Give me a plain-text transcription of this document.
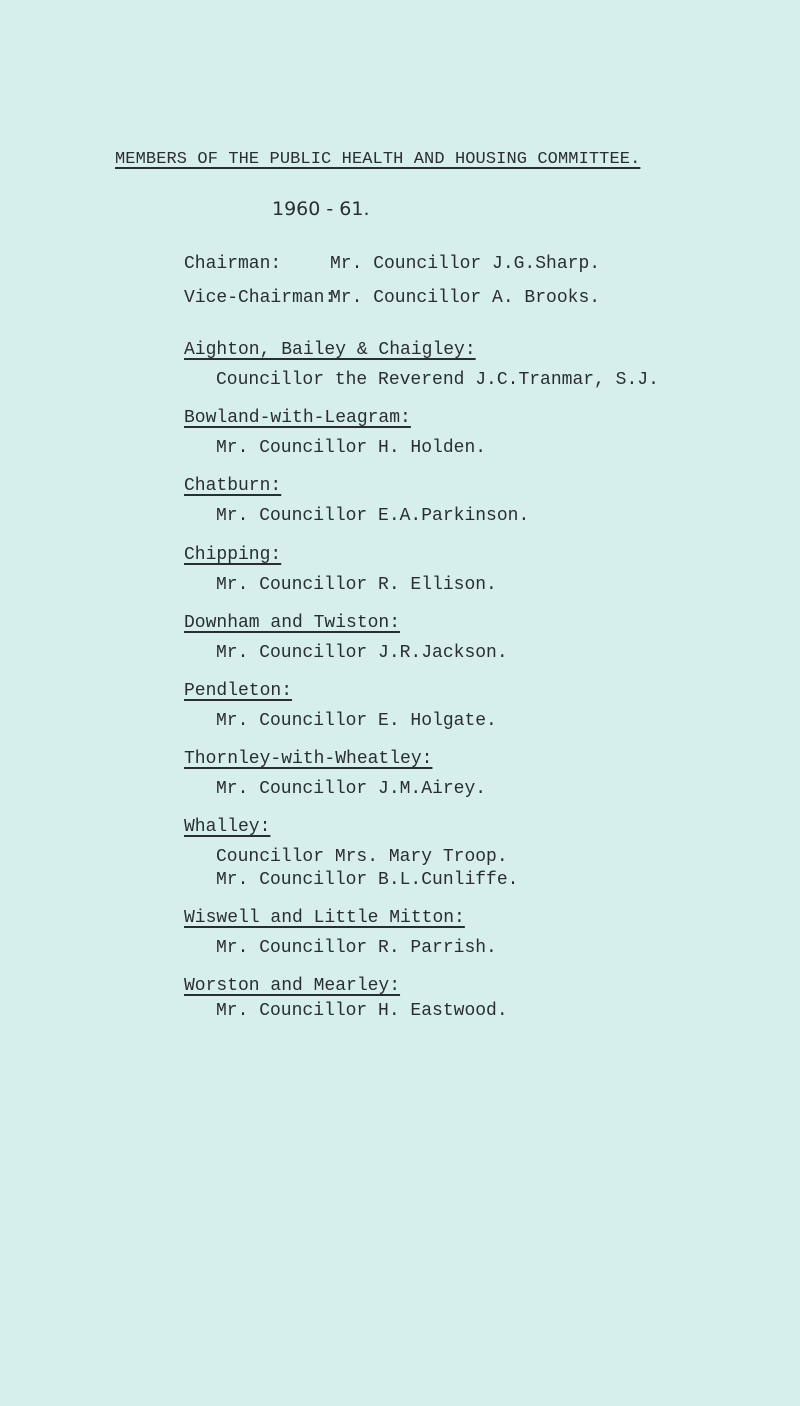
MEMBERS OF THE PUBLIC HEALTH AND HOUSING COMMITTEE.
1960 - 61.
Chairman:	Mr. Councillor J.G.Sharp.
Vice-Chairman:
Mr. Councillor A. Brooks.
Aighton, Bailey & Chaigley:
Councillor the Reverend J.C.Tranmar, S.J.
Bowland-with-Leagram:
Mr. Councillor H. Holden.
Chatburn:
Mr. Councillor E.A.Parkinson.
Chipping:
Mr. Councillor R. Ellison.
Downham and Twiston:
Mr. Councillor J.R.Jackson.
Pendleton:
Mr. Councillor E. Holgate.
Thornley-with-Wheatley:
Mr. Councillor J.M.Airey.
Whalley:
Councillor Mrs. Mary Troop.
Mr. Councillor B.L.Cunliffe.
Wiswell and Little Mitton:
Mr. Councillor R. Parrish.
Worston and Mearley:
Mr. Councillor H. Eastwood.
